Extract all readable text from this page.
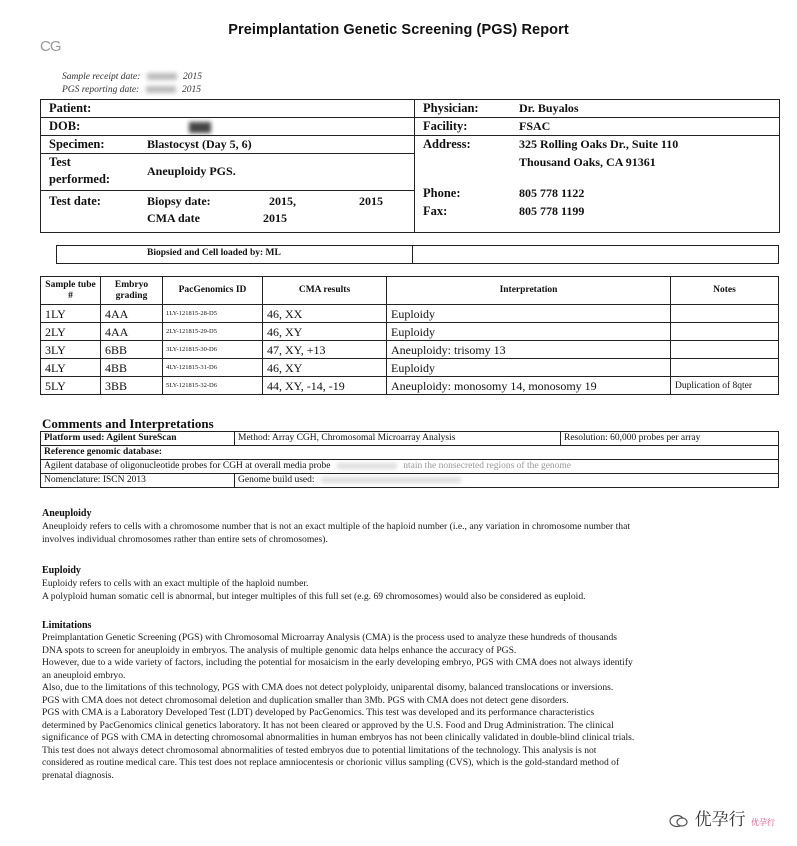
Preimplantation Genetic Screening (PGS) Report
CG

Sample receipt date:	2015
PGS reporting date:	2015
Patient:
DOB:
Specimen:	Blastocyst (Day 5, 6)
Test
performed:
Aneuploidy PGS.
Test date:	Biopsy date:	2015,	2015
CMA date	2015
Physician:	Dr. Buyalos
Facility:	FSAC
Address:	325 Rolling Oaks Dr., Suite 110
Thousand Oaks, CA 91361
Phone:	805 778 1122
Fax:	805 778 1199
Biopsied and Cell loaded by: ML
Sample tube #	Embryo grading	PacGenomics ID	CMA results	Interpretation	Notes
1LY	4AA	1LY-121815-28-D5	46, XX	Euploidy	
2LY	4AA	2LY-121815-29-D5	46, XY	Euploidy	
3LY	6BB	3LY-121815-30-D6	47, XY, +13	Aneuploidy: trisomy 13	
4LY	4BB	4LY-121815-31-D6	46, XY	Euploidy	
5LY	3BB	5LY-121815-32-D6	44, XY, -14, -19	Aneuploidy: monosomy 14, monosomy 19	Duplication of 8qter
Comments and Interpretations
Platform used: Agilent SureScan	Method: Array CGH, Chromosomal Microarray Analysis	Resolution: 60,000 probes per array
Reference genomic database:		
Agilent database of oligonucleotide probes for CGH at overall media probe ntain the nonsecreted regions of the genome		
Nomenclature: ISCN 2013	Genome build used:	
Aneuploidy

Aneuploidy refers to cells with a chromosome number that is not an exact multiple of the haploid number (i.e., any variation in chromosome number that

involves individual chromosomes rather than entire sets of chromosomes).

Euploidy

Euploidy refers to cells with an exact multiple of the haploid number.

A polyploid human somatic cell is abnormal, but integer multiples of this full set (e.g. 69 chromosomes) would also be considered as euploid.

Limitations

Preimplantation Genetic Screening (PGS) with Chromosomal Microarray Analysis (CMA) is the process used to analyze these hundreds of thousands

DNA spots to screen for aneuploidy in embryos. The analysis of multiple genomic data helps enhance the accuracy of PGS.

However, due to a wide variety of factors, including the potential for mosaicism in the early developing embryo, PGS with CMA does not always identify

an aneuploid embryo.

Also, due to the limitations of this technology, PGS with CMA does not detect polyploidy, uniparental disomy, balanced translocations or inversions.

PGS with CMA does not detect chromosomal deletion and duplication smaller than 3Mb. PGS with CMA does not detect gene disorders.

PGS with CMA is a Laboratory Developed Test (LDT) developed by PacGenomics. This test was developed and its performance characteristics

determined by PacGenomics clinical genetics laboratory. It has not been cleared or approved by the U.S. Food and Drug Administration. The clinical

significance of PGS with CMA in detecting chromosomal abnormalities in human embryos has not been clinically validated in double-blind clinical trials.

This test does not always detect chromosomal abnormalities of tested embryos due to potential limitations of the technology. This analysis is not

considered as routine medical care. This test does not replace amniocentesis or chorionic villus sampling (CVS), which is the gold-standard method of

prenatal diagnosis.

优孕行 优孕行
